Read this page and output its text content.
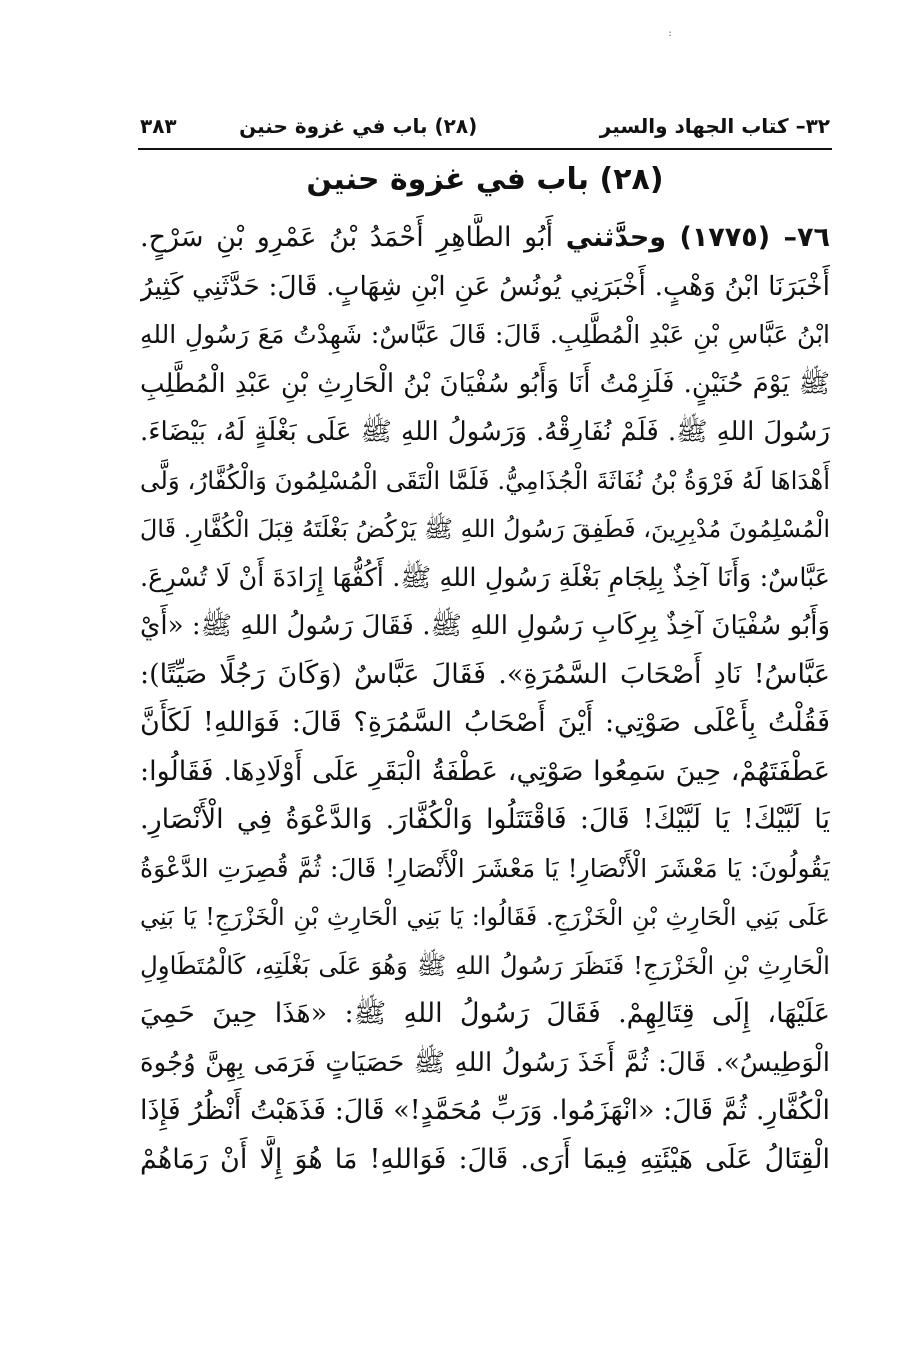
:
٣٢– كتاب الجهاد والسير
(٢٨) باب في غزوة حنين
٣٨٣
(٢٨) باب في غزوة حنين
٧٦– (١٧٧٥) وحدَّثني أَبُو الطَّاهِرِ أَحْمَدُ بْنُ عَمْرِو بْنِ سَرْحٍ.
أَخْبَرَنَا ابْنُ وَهْبٍ. أَخْبَرَنِي يُونُسُ عَنِ ابْنِ شِهَابٍ. قَالَ: حَدَّثَنِي كَثِيرُ
ابْنُ عَبَّاسِ بْنِ عَبْدِ الْمُطَّلِبِ. قَالَ: قَالَ عَبَّاسٌ: شَهِدْتُ مَعَ رَسُولِ اللهِ
ﷺ يَوْمَ حُنَيْنٍ. فَلَزِمْتُ أَنَا وَأَبُو سُفْيَانَ بْنُ الْحَارِثِ بْنِ عَبْدِ الْمُطَّلِبِ
رَسُولَ اللهِ ﷺ. فَلَمْ نُفَارِقْهُ. وَرَسُولُ اللهِ ﷺ عَلَى بَغْلَةٍ لَهُ، بَيْضَاءَ.
أَهْدَاهَا لَهُ فَرْوَةُ بْنُ نُفَاثَةَ الْجُذَامِيُّ. فَلَمَّا الْتَقَى الْمُسْلِمُونَ وَالْكُفَّارُ، وَلَّى
الْمُسْلِمُونَ مُدْبِرِينَ، فَطَفِقَ رَسُولُ اللهِ ﷺ يَرْكُضُ بَغْلَتَهُ قِبَلَ الْكُفَّارِ. قَالَ
عَبَّاسٌ: وَأَنَا آخِذٌ بِلِجَامِ بَغْلَةِ رَسُولِ اللهِ ﷺ. أَكُفُّهَا إِرَادَةَ أَنْ لَا تُسْرِعَ.
وَأَبُو سُفْيَانَ آخِذٌ بِرِكَابِ رَسُولِ اللهِ ﷺ. فَقَالَ رَسُولُ اللهِ ﷺ: «أَيْ
عَبَّاسُ! نَادِ أَصْحَابَ السَّمُرَةِ». فَقَالَ عَبَّاسٌ (وَكَانَ رَجُلًا صَيِّتًا):
فَقُلْتُ بِأَعْلَى صَوْتِي: أَيْنَ أَصْحَابُ السَّمُرَةِ؟ قَالَ: فَوَاللهِ! لَكَأَنَّ
عَطْفَتَهُمْ، حِينَ سَمِعُوا صَوْتِي، عَطْفَةُ الْبَقَرِ عَلَى أَوْلَادِهَا. فَقَالُوا:
يَا لَبَّيْكَ! يَا لَبَّيْكَ! قَالَ: فَاقْتَتَلُوا وَالْكُفَّارَ. وَالدَّعْوَةُ فِي الْأَنْصَارِ.
يَقُولُونَ: يَا مَعْشَرَ الْأَنْصَارِ! يَا مَعْشَرَ الْأَنْصَارِ! قَالَ: ثُمَّ قُصِرَتِ الدَّعْوَةُ
عَلَى بَنِي الْحَارِثِ بْنِ الْخَزْرَجِ. فَقَالُوا: يَا بَنِي الْحَارِثِ بْنِ الْخَزْرَجِ! يَا بَنِي
الْحَارِثِ بْنِ الْخَزْرَجِ! فَنَظَرَ رَسُولُ اللهِ ﷺ وَهُوَ عَلَى بَغْلَتِهِ، كَالْمُتَطَاوِلِ
عَلَيْهَا، إِلَى قِتَالِهِمْ. فَقَالَ رَسُولُ اللهِ ﷺ: «هَذَا حِينَ حَمِيَ
الْوَطِيسُ». قَالَ: ثُمَّ أَخَذَ رَسُولُ اللهِ ﷺ حَصَيَاتٍ فَرَمَى بِهِنَّ وُجُوهَ
الْكُفَّارِ. ثُمَّ قَالَ: «انْهَزَمُوا. وَرَبِّ مُحَمَّدٍ!» قَالَ: فَذَهَبْتُ أَنْظُرُ فَإِذَا
الْقِتَالُ عَلَى هَيْئَتِهِ فِيمَا أَرَى. قَالَ: فَوَاللهِ! مَا هُوَ إِلَّا أَنْ رَمَاهُمْ
